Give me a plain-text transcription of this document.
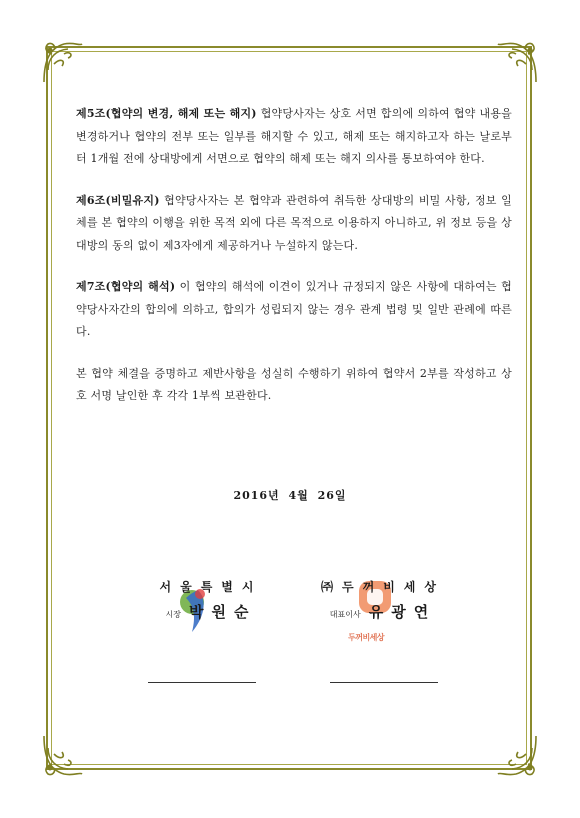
제5조(협약의 변경, 해제 또는 해지) 협약당사자는 상호 서면 합의에 의하여 협약 내용을 변경하거나 협약의 전부 또는 일부를 해지할 수 있고, 해제 또는 해지하고자 하는 날로부터 1개월 전에 상대방에게 서면으로 협약의 해제 또는 해지 의사를 통보하여야 한다.

제6조(비밀유지) 협약당사자는 본 협약과 관련하여 취득한 상대방의 비밀 사항, 정보 일체를 본 협약의 이행을 위한 목적 외에 다른 목적으로 이용하지 아니하고, 위 정보 등을 상대방의 동의 없이 제3자에게 제공하거나 누설하지 않는다.

제7조(협약의 해석) 이 협약의 해석에 이견이 있거나 규정되지 않은 사항에 대하여는 협약당사자간의 합의에 의하고, 합의가 성립되지 않는 경우 관계 법령 및 일반 관례에 따른다.

본 협약 체결을 증명하고 제반사항을 성실히 수행하기 위하여 협약서 2부를 작성하고 상호 서명 날인한 후 각각 1부씩 보관한다.

2016년 4월 26일
두꺼비세상
서울특별시
시장 박원순
㈜두꺼비세상
대표이사 유광연
